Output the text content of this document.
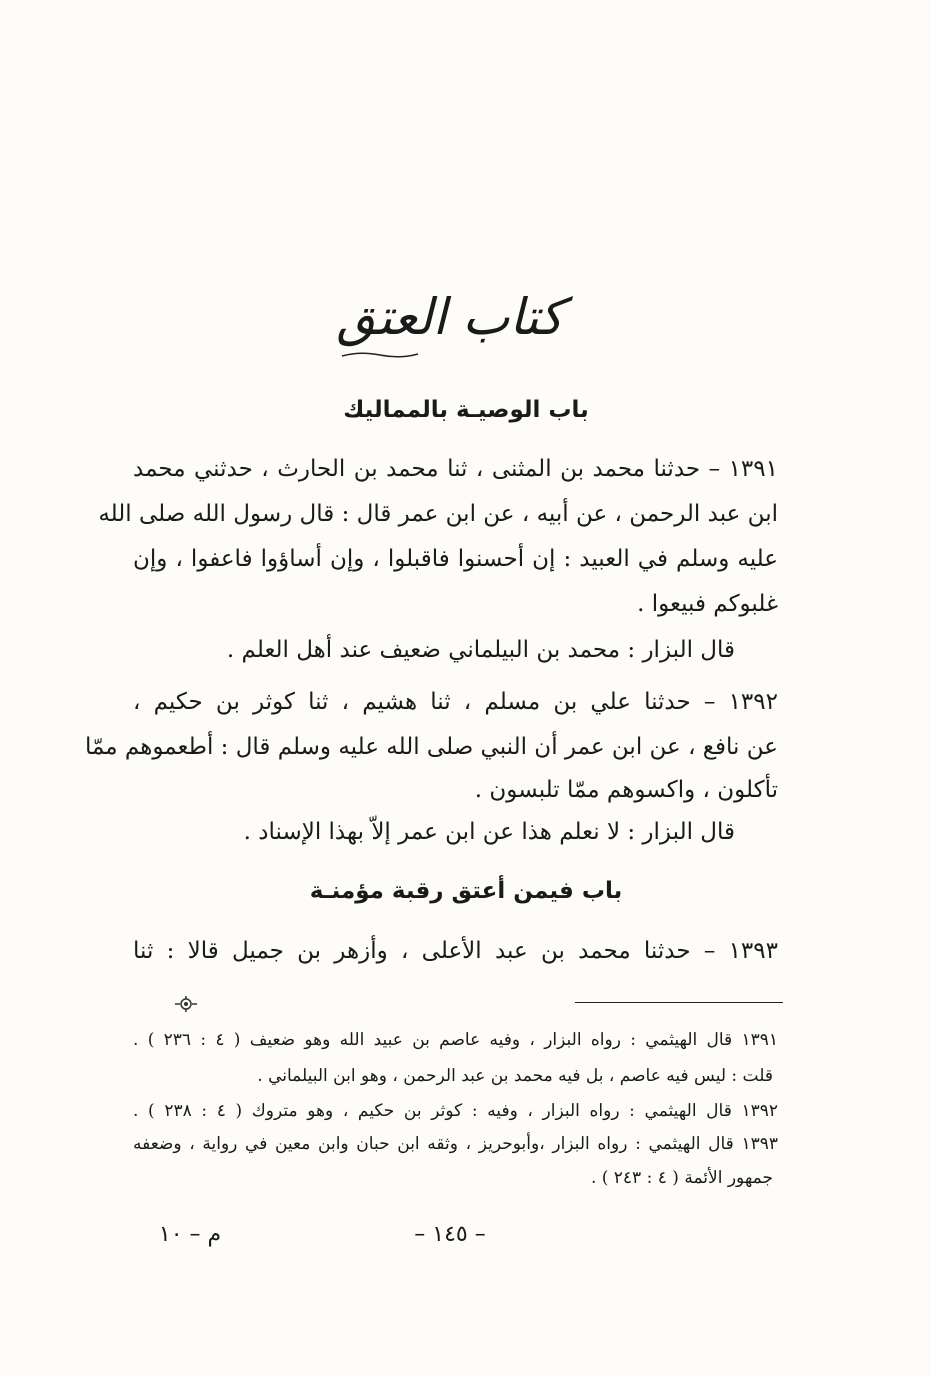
كتاب العتق
باب الوصيـة بالمماليك
١٣٩١ – حدثنا محمد بن المثنى ، ثنا محمد بن الحارث ، حدثني محمد
ابن عبد الرحمن ، عن أبيه ، عن ابن عمر قال : قال رسول الله صلى الله
عليه وسلم في العبيد : إن أحسنوا فاقبلوا ، وإن أساؤوا فاعفوا ، وإن
غلبوكم فبيعوا .
قال البزار : محمد بن البيلماني ضعيف عند أهل العلم .
١٣٩٢ – حدثنا علي بن مسلم ، ثنا هشيم ، ثنا كوثر بن حكيم ،
عن نافع ، عن ابن عمر أن النبي صلى الله عليه وسلم قال : أطعموهم ممّا
تأكلون ، واكسوهم ممّا تلبسون .
قال البزار : لا نعلم هذا عن ابن عمر إلاّ بهذا الإسناد .
باب فيمن أعتق رقبة مؤمنـة
١٣٩٣ – حدثنا محمد بن عبد الأعلى ، وأزهر بن جميل قالا : ثنا
١٣٩١ قال الهيثمي : رواه البزار ، وفيه عاصم بن عبيد الله وهو ضعيف ( ٤ : ٢٣٦ ) .
قلت : ليس فيه عاصم ، بل فيه محمد بن عبد الرحمن ، وهو ابن البيلماني .
١٣٩٢ قال الهيثمي : رواه البزار ، وفيه : كوثر بن حكيم ، وهو متروك ( ٤ : ٢٣٨ ) .
١٣٩٣ قال الهيثمي : رواه البزار ،وأبوحريز ، وثقه ابن حبان وابن معين في رواية ، وضعفه
جمهور الأئمة ( ٤ : ٢٤٣ ) .
– ١٤٥ –
م – ١٠
